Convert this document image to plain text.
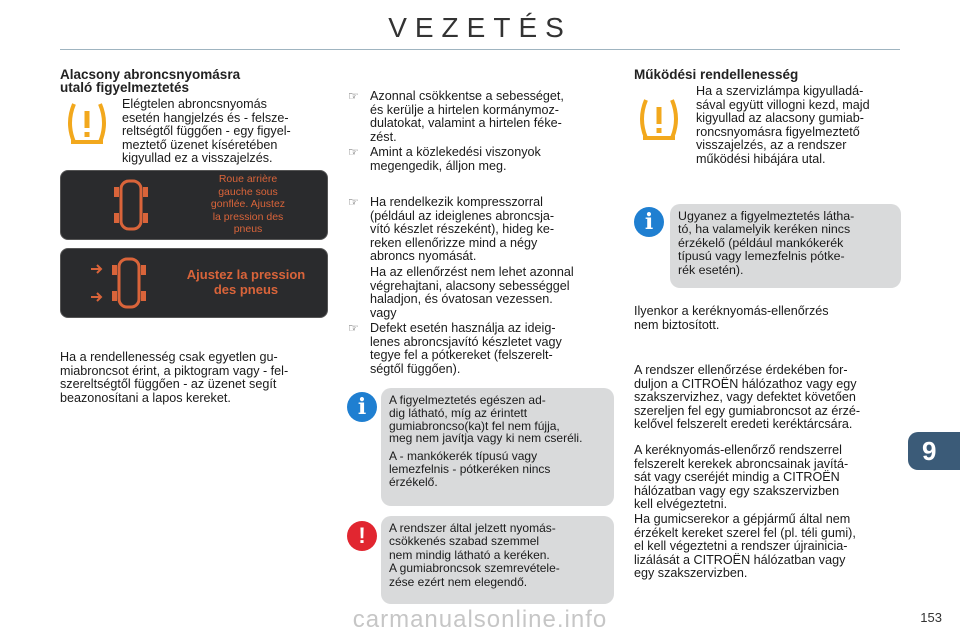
VEZETÉS
Alacsony abroncsnyomásra
utaló figyelmeztetés
Elégtelen abroncsnyomás
esetén hangjelzés és - felsze-
reltségtől függően - egy figyel-
meztető üzenet kíséretében
kigyullad ez a visszajelzés.
Roue arrière
gauche sous
gonflée. Ajustez
la pression des
pneus
Ajustez la pression
des pneus
Ha a rendellenesség csak egyetlen gu-
miabroncsot érint, a piktogram vagy - fel-
szereltségtől függően - az üzenet segít
beazonosítani a lapos kereket.
☞ Azonnal csökkentse a sebességet,
és kerülje a hirtelen kormánymoz-
dulatokat, valamint a hirtelen féke-
zést.
☞ Amint a közlekedési viszonyok
megengedik, álljon meg.
☞ Ha rendelkezik kompresszorral
(például az ideiglenes abroncsja-
vító készlet részeként), hideg ke-
reken ellenőrizze mind a négy
abroncs nyomását.
Ha az ellenőrzést nem lehet azonnal
végrehajtani, alacsony sebességgel
haladjon, és óvatosan vezessen.
vagy
☞ Defekt esetén használja az ideig-
lenes abroncsjavító készletet vagy
tegye fel a pótkereket (felszerelt-
ségtől függően).
i	A figyelmeztetés egészen ad-
dig látható, míg az érintett
gumiabroncso(ka)t fel nem fújja,
meg nem javítja vagy ki nem cseréli.
A - mankókerék típusú vagy
lemezfelnis - pótkeréken nincs
érzékelő.
!	A rendszer által jelzett nyomás-
csökkenés szabad szemmel
nem mindig látható a keréken.
A gumiabroncsok szemrevétele-
zése ezért nem elegendő.
Működési rendellenesség
Ha a szervizlámpa kigyulladá-
sával együtt villogni kezd, majd
kigyullad az alacsony gumiab-
roncsnyomásra figyelmeztető
visszajelzés, az a rendszer
működési hibájára utal.
i	Ugyanez a figyelmeztetés látha-
tó, ha valamelyik keréken nincs
érzékelő (például mankókerék
típusú vagy lemezfelnis pótke-
rék esetén).
Ilyenkor a keréknyomás-ellenőrzés
nem biztosított.
A rendszer ellenőrzése érdekében for-
duljon a CITROËN hálózathoz vagy egy
szakszervizhez, vagy defektet követően
szereljen fel egy gumiabroncsot az érzé-
kelővel felszerelt eredeti keréktárcsára.
A keréknyomás-ellenőrző rendszerrel
felszerelt kerekek abroncsainak javítá-
sát vagy cseréjét mindig a CITROËN
hálózatban vagy egy szakszervizben
kell elvégeztetni.
Ha gumicserekor a gépjármű által nem
érzékelt kereket szerel fel (pl. téli gumi),
el kell végeztetni a rendszer újrainicia-
lizálását a CITROËN hálózatban vagy
egy szakszervizben.
9
carmanualsonline.info	153
